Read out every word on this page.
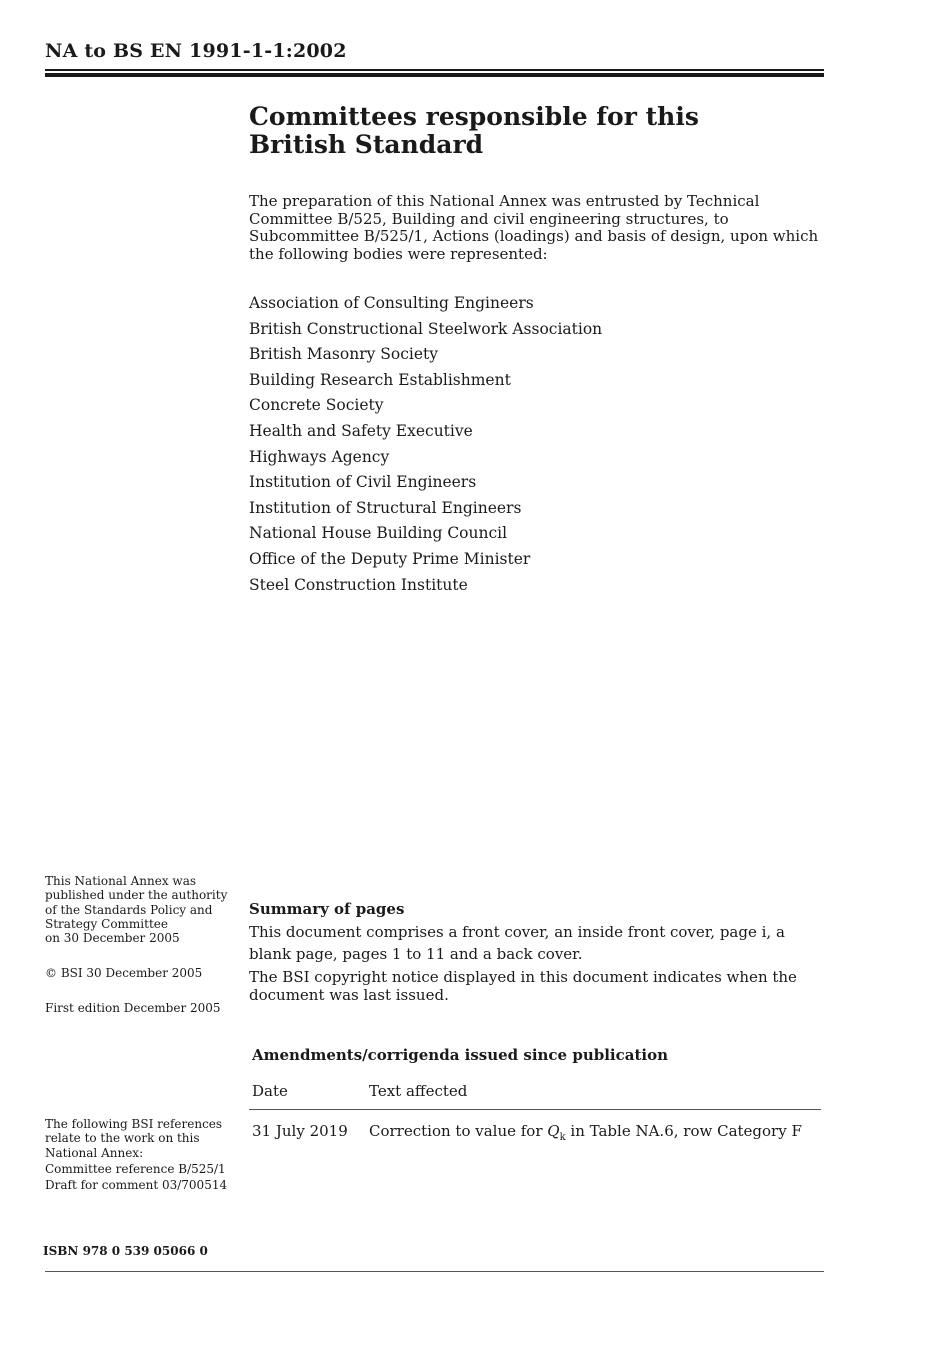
NA to BS EN 1991-1-1:2002
Committees responsible for this
British Standard
The preparation of this National Annex was entrusted by Technical Committee B/525, Building and civil engineering structures, to Subcommittee B/525/1, Actions (loadings) and basis of design, upon which the following bodies were represented:
Association of Consulting Engineers
British Constructional Steelwork Association
British Masonry Society
Building Research Establishment
Concrete Society
Health and Safety Executive
Highways Agency
Institution of Civil Engineers
Institution of Structural Engineers
National House Building Council
Office of the Deputy Prime Minister
Steel Construction Institute
This National Annex was
published under the authority
of the Standards Policy and
Strategy Committee
on 30 December 2005
© BSI 30 December 2005
First edition December 2005

The following BSI references

relate to the work on this

National Annex:

Committee reference B/525/1

Draft for comment 03/700514

Summary of pages
This document comprises a front cover, an inside front cover, page i, a blank page, pages 1 to 11 and a back cover.
The BSI copyright notice displayed in this document indicates when the document was last issued.
Amendments/corrigenda issued since publication
Date	Text affected
31 July 2019	Correction to value for $Q_k$ in Table NA.6, row Category F
ISBN 978 0 539 05066 0
